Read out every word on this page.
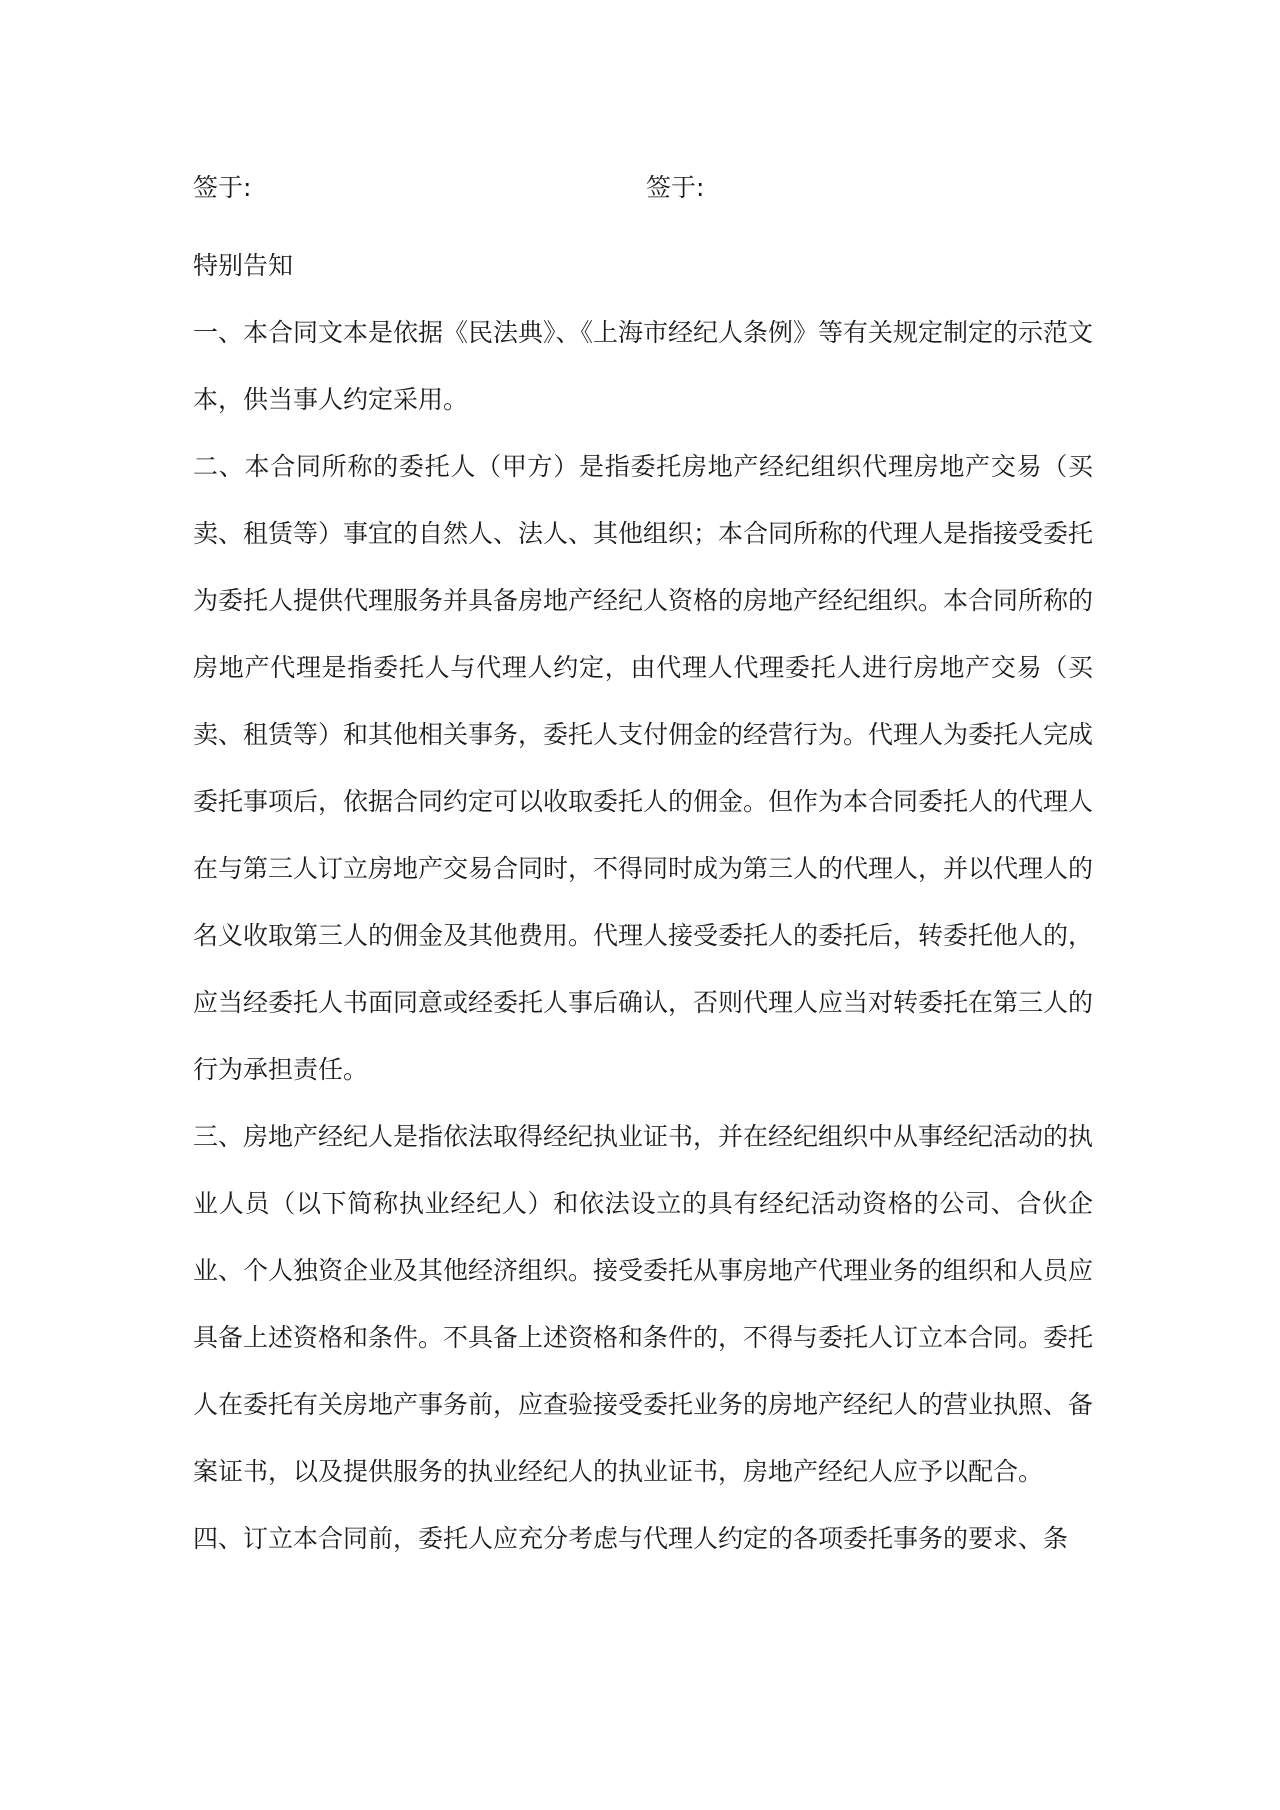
签于:	签于:

特别告知

一、本合同文本是依据《民法典》、《上海市经纪人条例》等有关规定制定的示范文本，供当事人约定采用。

二、本合同所称的委托人（甲方）是指委托房地产经纪组织代理房地产交易（买卖、租赁等）事宜的自然人、法人、其他组织；本合同所称的代理人是指接受委托为委托人提供代理服务并具备房地产经纪人资格的房地产经纪组织。本合同所称的房地产代理是指委托人与代理人约定，由代理人代理委托人进行房地产交易（买卖、租赁等）和其他相关事务，委托人支付佣金的经营行为。代理人为委托人完成委托事项后，依据合同约定可以收取委托人的佣金。但作为本合同委托人的代理人在与第三人订立房地产交易合同时，不得同时成为第三人的代理人，并以代理人的名义收取第三人的佣金及其他费用。代理人接受委托人的委托后，转委托他人的，应当经委托人书面同意或经委托人事后确认，否则代理人应当对转委托在第三人的行为承担责任。

三、房地产经纪人是指依法取得经纪执业证书，并在经纪组织中从事经纪活动的执业人员（以下简称执业经纪人）和依法设立的具有经纪活动资格的公司、合伙企业、个人独资企业及其他经济组织。接受委托从事房地产代理业务的组织和人员应具备上述资格和条件。不具备上述资格和条件的，不得与委托人订立本合同。委托人在委托有关房地产事务前，应查验接受委托业务的房地产经纪人的营业执照、备案证书，以及提供服务的执业经纪人的执业证书，房地产经纪人应予以配合。

四、订立本合同前，委托人应充分考虑与代理人约定的各项委托事务的要求、条
